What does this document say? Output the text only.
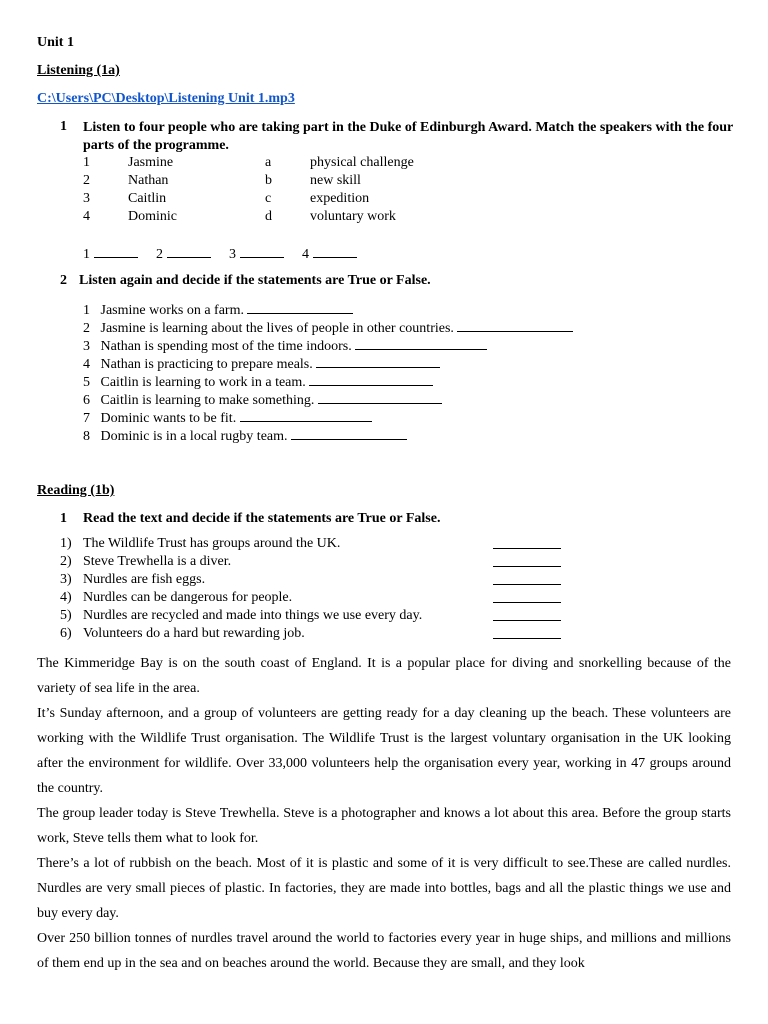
Unit 1
Listening (1a)
C:\Users\PC\Desktop\Listening Unit 1.mp3
1 Listen to four people who are taking part in the Duke of Edinburgh Award. Match the speakers with the four parts of the programme.
1	Jasmine	a	physical challenge
2	Nathan	b	new skill
3	Caitlin	c	expedition
4	Dominic	d	voluntary work
1	2	3	4
2 Listen again and decide if the statements are True or False.
1 Jasmine works on a farm.
2 Jasmine is learning about the lives of people in other countries.
3 Nathan is spending most of the time indoors.
4 Nathan is practicing to prepare meals.
5 Caitlin is learning to work in a team.
6 Caitlin is learning to make something.
7 Dominic wants to be fit.
8 Dominic is in a local rugby team.
Reading (1b)
1 Read the text and decide if the statements are True or False.
1) The Wildlife Trust has groups around the UK.
2) Steve Trewhella is a diver.
3) Nurdles are fish eggs.
4) Nurdles can be dangerous for people.
5) Nurdles are recycled and made into things we use every day.
6) Volunteers do a hard but rewarding job.
The Kimmeridge Bay is on the south coast of England. It is a popular place for diving and snorkelling because of the variety of sea life in the area.
It’s Sunday afternoon, and a group of volunteers are getting ready for a day cleaning up the beach. These volunteers are working with the Wildlife Trust organisation. The Wildlife Trust is the largest voluntary organisation in the UK looking after the environment for wildlife. Over 33,000 volunteers help the organisation every year, working in 47 groups around the country.
The group leader today is Steve Trewhella. Steve is a photographer and knows a lot about this area. Before the group starts work, Steve tells them what to look for.
There’s a lot of rubbish on the beach. Most of it is plastic and some of it is very difficult to see.These are called nurdles. Nurdles are very small pieces of plastic. In factories, they are made into bottles, bags and all the plastic things we use and buy every day.
Over 250 billion tonnes of nurdles travel around the world to factories every year in huge ships, and millions and millions of them end up in the sea and on beaches around the world. Because they are small, and they look
